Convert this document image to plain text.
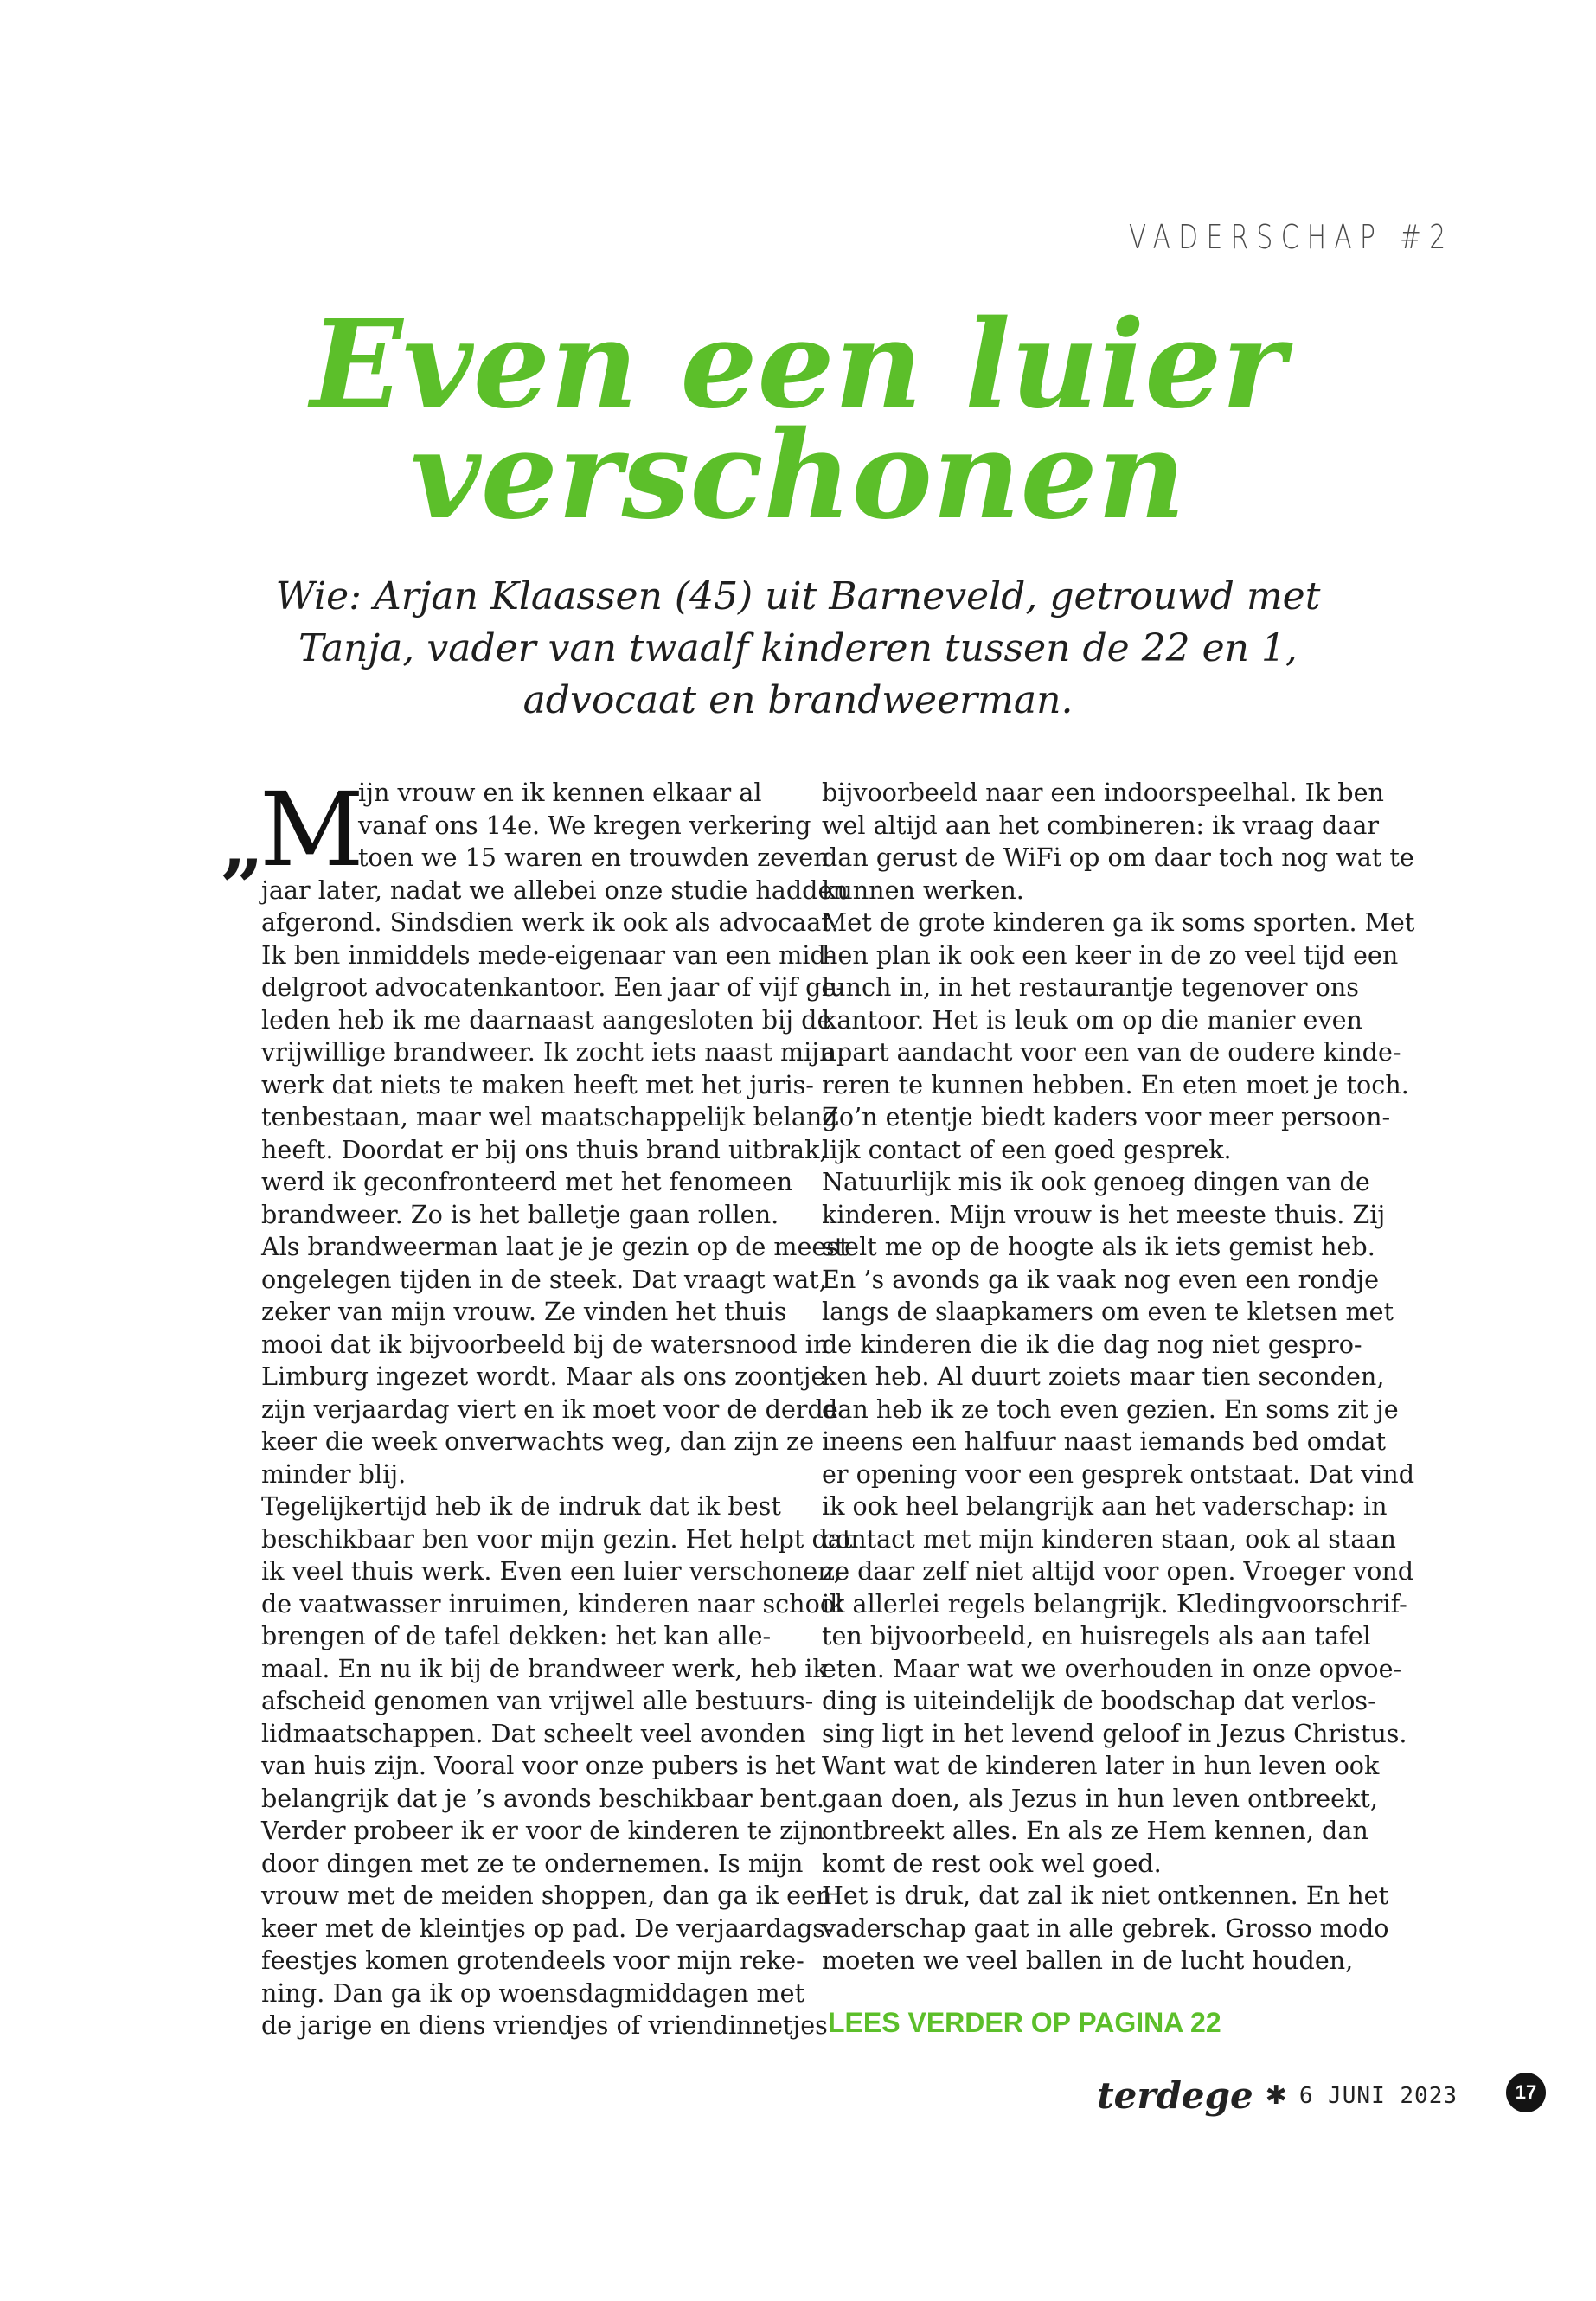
VADERSCHAP #2
Even een luier
verschonen
Wie: Arjan Klaassen (45) uit Barneveld, getrouwd met
Tanja, vader van twaalf kinderen tussen de 22 en 1,
advocaat en brandweerman.
„
M
ijn vrouw en ik kennen elkaar al
vanaf ons 14e. We kregen verkering
toen we 15 waren en trouwden zeven
jaar later, nadat we allebei onze studie hadden
afgerond. Sindsdien werk ik ook als advocaat.
Ik ben inmiddels mede-eigenaar van een mid-
delgroot advocatenkantoor. Een jaar of vijf ge-
leden heb ik me daarnaast aangesloten bij de
vrijwillige brandweer. Ik zocht iets naast mijn
werk dat niets te maken heeft met het juris-
tenbestaan, maar wel maatschappelijk belang
heeft. Doordat er bij ons thuis brand uitbrak,
werd ik geconfronteerd met het fenomeen
brandweer. Zo is het balletje gaan rollen.
Als brandweerman laat je je gezin op de meest
ongelegen tijden in de steek. Dat vraagt wat,
zeker van mijn vrouw. Ze vinden het thuis
mooi dat ik bijvoorbeeld bij de watersnood in
Limburg ingezet wordt. Maar als ons zoontje
zijn verjaardag viert en ik moet voor de derde
keer die week onverwachts weg, dan zijn ze
minder blij.
Tegelijkertijd heb ik de indruk dat ik best
beschikbaar ben voor mijn gezin. Het helpt dat
ik veel thuis werk. Even een luier verschonen,
de vaatwasser inruimen, kinderen naar school
brengen of de tafel dekken: het kan alle-
maal. En nu ik bij de brandweer werk, heb ik
afscheid genomen van vrijwel alle bestuurs-
lidmaatschappen. Dat scheelt veel avonden
van huis zijn. Vooral voor onze pubers is het
belangrijk dat je ’s avonds beschikbaar bent.
Verder probeer ik er voor de kinderen te zijn
door dingen met ze te ondernemen. Is mijn
vrouw met de meiden shoppen, dan ga ik een
keer met de kleintjes op pad. De verjaardags-
feestjes komen grotendeels voor mijn reke-
ning. Dan ga ik op woensdagmiddagen met
de jarige en diens vriendjes of vriendinnetjes
bijvoorbeeld naar een indoorspeelhal. Ik ben
wel altijd aan het combineren: ik vraag daar
dan gerust de WiFi op om daar toch nog wat te
kunnen werken.
Met de grote kinderen ga ik soms sporten. Met
hen plan ik ook een keer in de zo veel tijd een
lunch in, in het restaurantje tegenover ons
kantoor. Het is leuk om op die manier even
apart aandacht voor een van de oudere kinde-
reren te kunnen hebben. En eten moet je toch.
Zo’n etentje biedt kaders voor meer persoon-
lijk contact of een goed gesprek.
Natuurlijk mis ik ook genoeg dingen van de
kinderen. Mijn vrouw is het meeste thuis. Zij
stelt me op de hoogte als ik iets gemist heb.
En ’s avonds ga ik vaak nog even een rondje
langs de slaapkamers om even te kletsen met
de kinderen die ik die dag nog niet gespro-
ken heb. Al duurt zoiets maar tien seconden,
dan heb ik ze toch even gezien. En soms zit je
ineens een halfuur naast iemands bed omdat
er opening voor een gesprek ontstaat. Dat vind
ik ook heel belangrijk aan het vaderschap: in
contact met mijn kinderen staan, ook al staan
ze daar zelf niet altijd voor open. Vroeger vond
ik allerlei regels belangrijk. Kledingvoorschrif-
ten bijvoorbeeld, en huisregels als aan tafel
eten. Maar wat we overhouden in onze opvoe-
ding is uiteindelijk de boodschap dat verlos-
sing ligt in het levend geloof in Jezus Christus.
Want wat de kinderen later in hun leven ook
gaan doen, als Jezus in hun leven ontbreekt,
ontbreekt alles. En als ze Hem kennen, dan
komt de rest ook wel goed.
Het is druk, dat zal ik niet ontkennen. En het
vaderschap gaat in alle gebrek. Grosso modo
moeten we veel ballen in de lucht houden,
LEES VERDER OP PAGINA 22
terdege ✱ 6 JUNI 2023	17
